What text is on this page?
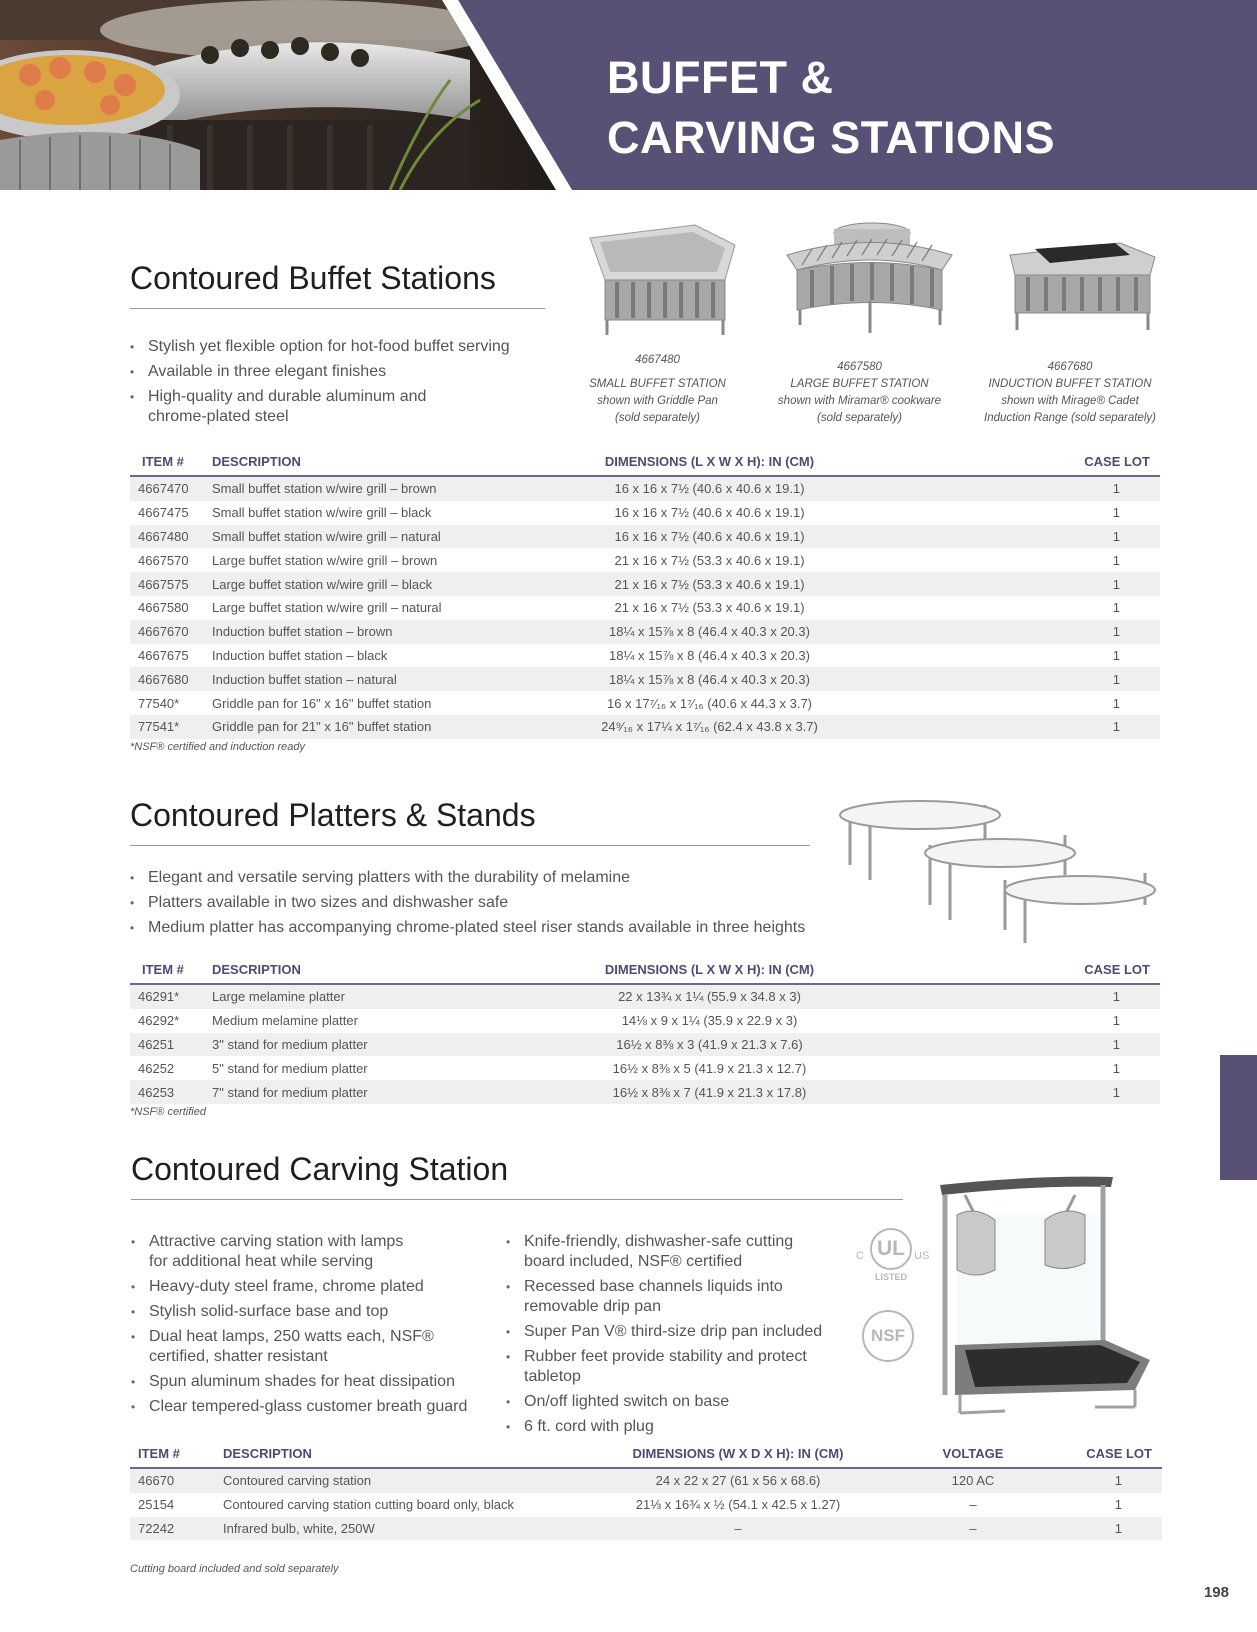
BUFFET &
CARVING STATIONS
Contoured Buffet Stations
• Stylish yet flexible option for hot-food buffet serving
• Available in three elegant finishes
• High-quality and durable aluminum and chrome-plated steel
4667480
SMALL BUFFET STATION
shown with Griddle Pan
(sold separately)
4667580
LARGE BUFFET STATION
shown with Miramar® cookware
(sold separately)
4667680
INDUCTION BUFFET STATION
shown with Mirage® Cadet
Induction Range (sold separately)
ITEM #	DESCRIPTION	DIMENSIONS (L X W X H): IN (CM)	CASE LOT
4667470	Small buffet station w/wire grill – brown	16 x 16 x 7½ (40.6 x 40.6 x 19.1)	1
4667475	Small buffet station w/wire grill – black	16 x 16 x 7½ (40.6 x 40.6 x 19.1)	1
4667480	Small buffet station w/wire grill – natural	16 x 16 x 7½ (40.6 x 40.6 x 19.1)	1
4667570	Large buffet station w/wire grill – brown	21 x 16 x 7½ (53.3 x 40.6 x 19.1)	1
4667575	Large buffet station w/wire grill – black	21 x 16 x 7½ (53.3 x 40.6 x 19.1)	1
4667580	Large buffet station w/wire grill – natural	21 x 16 x 7½ (53.3 x 40.6 x 19.1)	1
4667670	Induction buffet station – brown	18¼ x 15⅞ x 8 (46.4 x 40.3 x 20.3)	1
4667675	Induction buffet station – black	18¼ x 15⅞ x 8 (46.4 x 40.3 x 20.3)	1
4667680	Induction buffet station – natural	18¼ x 15⅞ x 8 (46.4 x 40.3 x 20.3)	1
77540*	Griddle pan for 16" x 16" buffet station	16 x 17⁷⁄₁₆ x 1⁷⁄₁₆ (40.6 x 44.3 x 3.7)	1
77541*	Griddle pan for 21" x 16" buffet station	24⁹⁄₁₆ x 17¼ x 1⁷⁄₁₆ (62.4 x 43.8 x 3.7)	1
*NSF® certified and induction ready
Contoured Platters & Stands
• Elegant and versatile serving platters with the durability of melamine
• Platters available in two sizes and dishwasher safe
• Medium platter has accompanying chrome-plated steel riser stands available in three heights
ITEM #	DESCRIPTION	DIMENSIONS (L X W X H): IN (CM)	CASE LOT
46291*	Large melamine platter	22 x 13¾ x 1¼ (55.9 x 34.8 x 3)	1
46292*	Medium melamine platter	14⅛ x 9 x 1¼ (35.9 x 22.9 x 3)	1
46251	3" stand for medium platter	16½ x 8⅜ x 3 (41.9 x 21.3 x 7.6)	1
46252	5" stand for medium platter	16½ x 8⅜ x 5 (41.9 x 21.3 x 12.7)	1
46253	7" stand for medium platter	16½ x 8⅜ x 7 (41.9 x 21.3 x 17.8)	1
*NSF® certified
Contoured Carving Station
• Attractive carving station with lamps for additional heat while serving
• Heavy-duty steel frame, chrome plated
• Stylish solid-surface base and top
• Dual heat lamps, 250 watts each, NSF® certified, shatter resistant
• Spun aluminum shades for heat dissipation
• Clear tempered-glass customer breath guard
• Knife-friendly, dishwasher-safe cutting board included, NSF® certified
• Recessed base channels liquids into removable drip pan
• Super Pan V® third-size drip pan included
• Rubber feet provide stability and protect tabletop
• On/off lighted switch on base
• 6 ft. cord with plug
UL
C	US
LISTED
NSF
ITEM #	DESCRIPTION	DIMENSIONS (W X D X H): IN (CM)	VOLTAGE	CASE LOT
46670	Contoured carving station	24 x 22 x 27 (61 x 56 x 68.6)	120 AC	1
25154	Contoured carving station cutting board only, black	21⅓ x 16¾ x ½ (54.1 x 42.5 x 1.27)	–	1
72242	Infrared bulb, white, 250W	–	–	1
Cutting board included and sold separately
198
